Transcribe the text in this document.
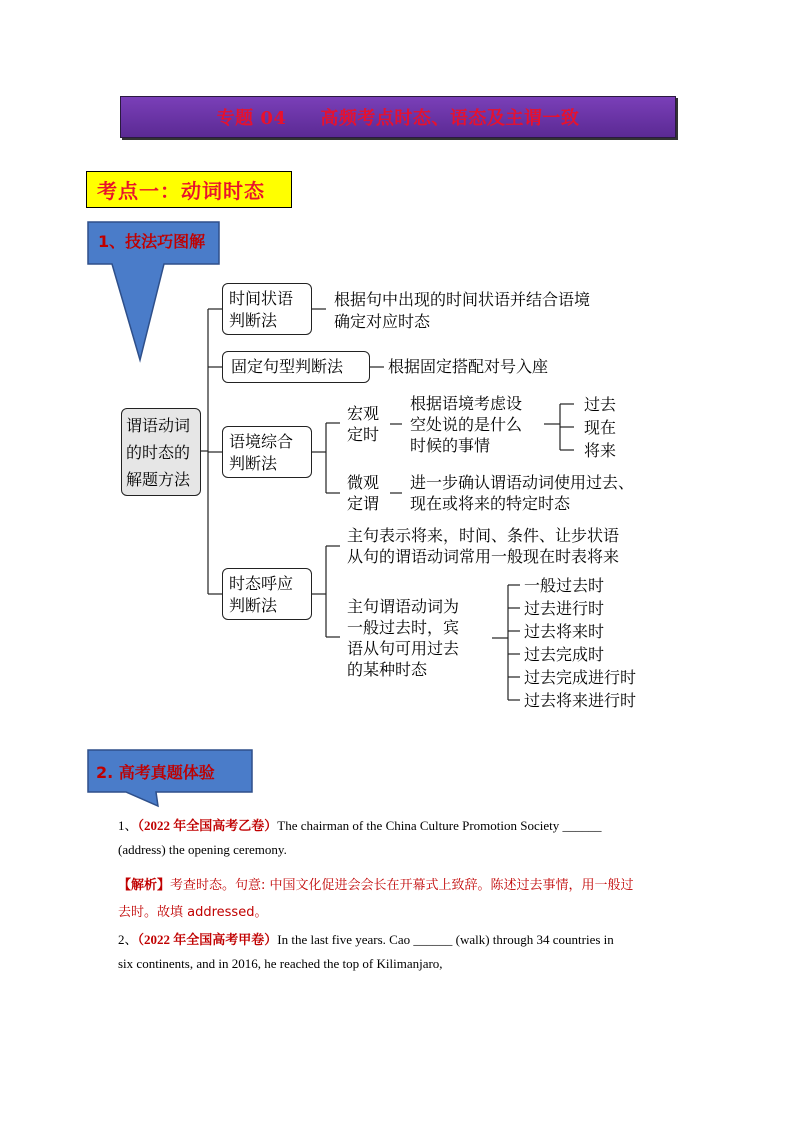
专题 04 高频考点时态、语态及主谓一致
考点一：动词时态
1、技法巧图解
谓语动词
的时态的
解题方法
时间状语
判断法
根据句中出现的时间状语并结合语境
确定对应时态
固定句型判断法	根据固定搭配对号入座
语境综合
判断法
宏观
定时
根据语境考虑设
空处说的是什么
时候的事情
过去
现在
将来
微观
定谓
进一步确认谓语动词使用过去、
现在或将来的特定时态
时态呼应
判断法
主句表示将来，时间、条件、让步状语
从句的谓语动词常用一般现在时表将来
主句谓语动词为
一般过去时，宾
语从句可用过去
的某种时态
一般过去时
过去进行时
过去将来时
过去完成时
过去完成进行时
过去将来进行时
2. 高考真题体验
1、（2022 年全国高考乙卷）The chairman of the China Culture Promotion Society ______
(address) the opening ceremony.
【解析】考查时态。句意: 中国文化促进会会长在开幕式上致辞。陈述过去事情，用一般过
去时。故填 addressed。
2、（2022 年全国高考甲卷）In the last five years. Cao ______ (walk) through 34 countries in
six continents, and in 2016, he reached the top of Kilimanjaro,
